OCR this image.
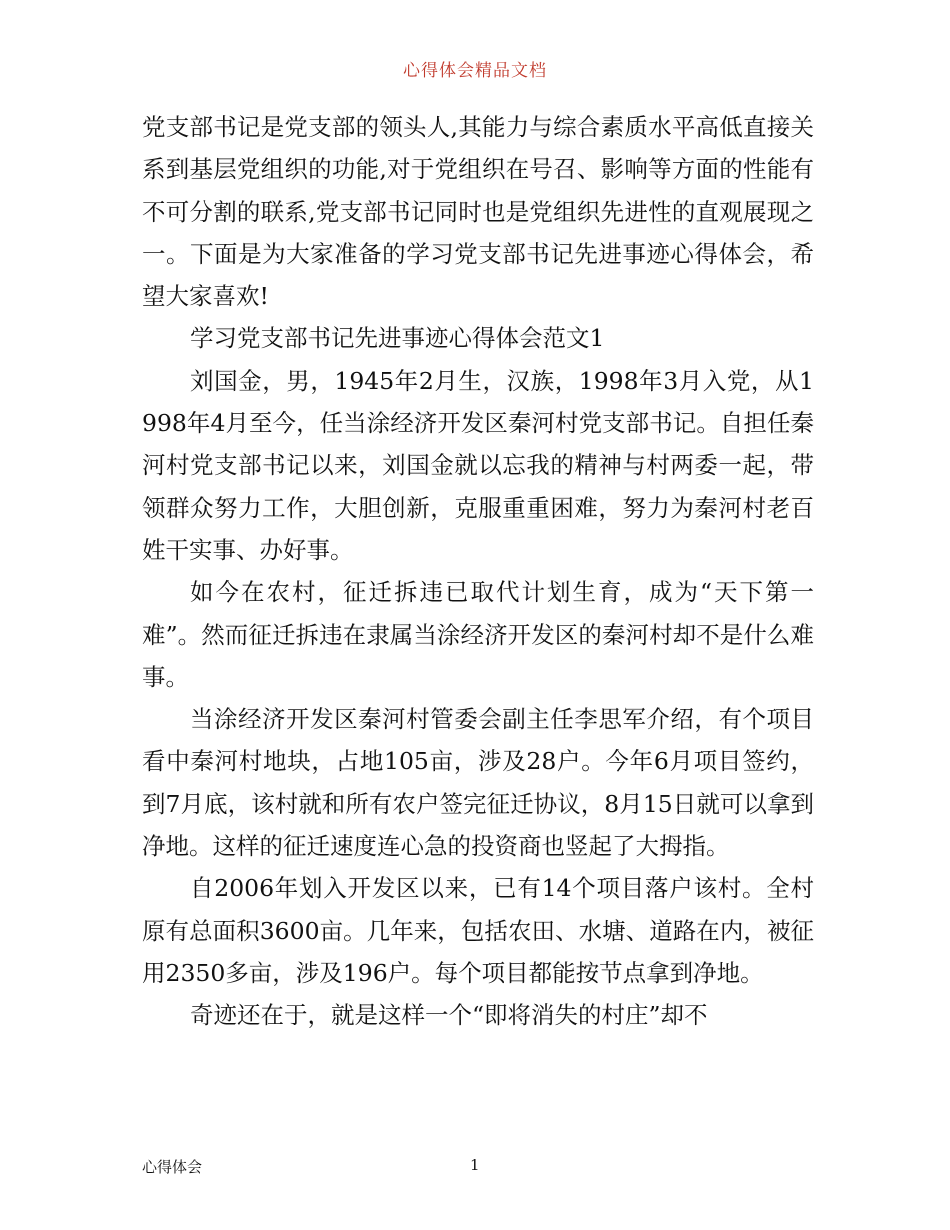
心得体会精品文档

党支部书记是党支部的领头人,其能力与综合素质水平高低直接关系到基层党组织的功能,对于党组织在号召、影响等方面的性能有不可分割的联系,党支部书记同时也是党组织先进性的直观展现之一。下面是为大家准备的学习党支部书记先进事迹心得体会，希望大家喜欢!

学习党支部书记先进事迹心得体会范文1

刘国金，男，1945年2月生，汉族，1998年3月入党，从1998年4月至今，任当涂经济开发区秦河村党支部书记。自担任秦河村党支部书记以来，刘国金就以忘我的精神与村两委一起，带领群众努力工作，大胆创新，克服重重困难，努力为秦河村老百姓干实事、办好事。

如今在农村，征迁拆违已取代计划生育，成为“天下第一难”。然而征迁拆违在隶属当涂经济开发区的秦河村却不是什么难事。

当涂经济开发区秦河村管委会副主任李思军介绍，有个项目看中秦河村地块，占地105亩，涉及28户。今年6月项目签约，到7月底，该村就和所有农户签完征迁协议，8月15日就可以拿到净地。这样的征迁速度连心急的投资商也竖起了大拇指。

自2006年划入开发区以来，已有14个项目落户该村。全村原有总面积3600亩。几年来，包括农田、水塘、道路在内，被征用2350多亩，涉及196户。每个项目都能按节点拿到净地。

奇迹还在于，就是这样一个“即将消失的村庄”却不

心得体会	1
